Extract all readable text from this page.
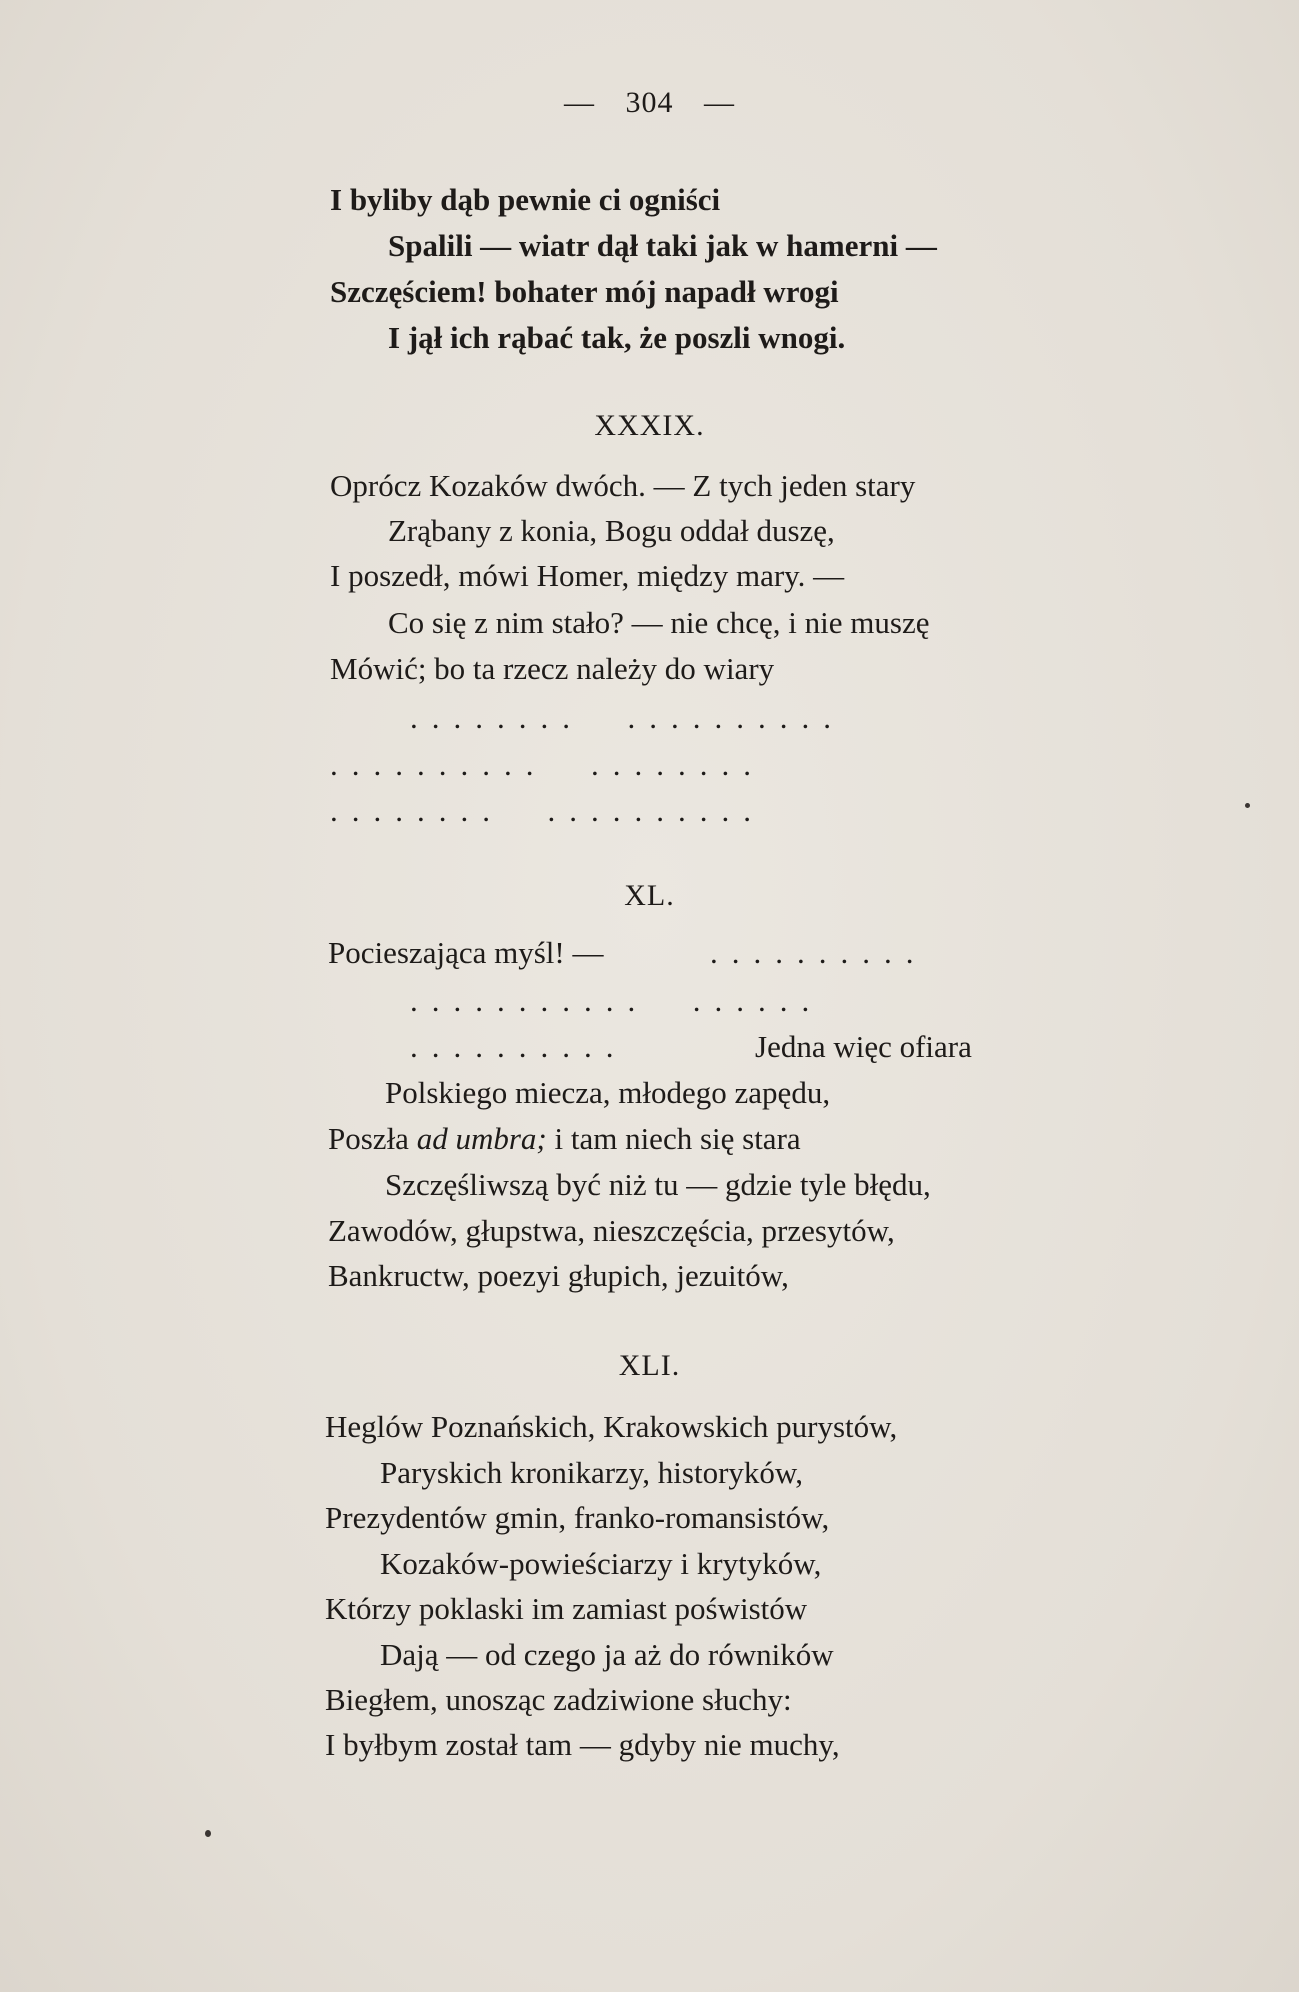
— 304 —
I byliby dąb pewnie ci ogniści
Spalili — wiatr dął taki jak w hamerni —
Szczęściem! bohater mój napadł wrogi
I jął ich rąbać tak, że poszli wnogi.
XXXIX.
Oprócz Kozaków dwóch. — Z tych jeden stary
Zrąbany z konia, Bogu oddał duszę,
I poszedł, mówi Homer, między mary. —
Co się z nim stało? — nie chcę, i nie muszę
Mówić; bo ta rzecz należy do wiary
........  ..........
..........  ........
........  ..........
XL.
Pocieszająca myśl! —	..........
...........  ......
..........	Jedna więc ofiara
Polskiego miecza, młodego zapędu,
Poszła ad umbra; i tam niech się stara
Szczęśliwszą być niż tu — gdzie tyle błędu,
Zawodów, głupstwa, nieszczęścia, przesytów,
Bankructw, poezyi głupich, jezuitów,
XLI.
Heglów Poznańskich, Krakowskich purystów,
Paryskich kronikarzy, historyków,
Prezydentów gmin, franko-romansistów,
Kozaków-powieściarzy i krytyków,
Którzy poklaski im zamiast poświstów
Dają — od czego ja aż do równików
Biegłem, unosząc zadziwione słuchy:
I byłbym został tam — gdyby nie muchy,
